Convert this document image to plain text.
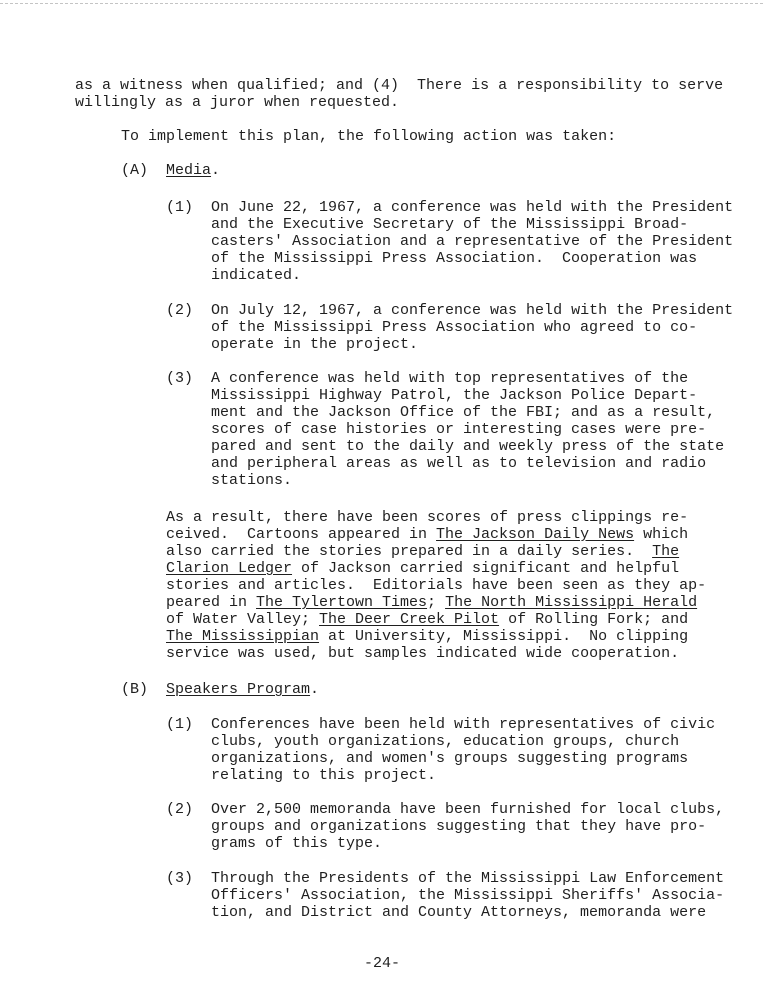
as a witness when qualified; and (4)  There is a responsibility to serve
willingly as a juror when requested.
To implement this plan, the following action was taken:
(A)  Media.
(1)  On June 22, 1967, a conference was held with the President
and the Executive Secretary of the Mississippi Broad-
casters' Association and a representative of the President
of the Mississippi Press Association.  Cooperation was
indicated.
(2)  On July 12, 1967, a conference was held with the President
of the Mississippi Press Association who agreed to co-
operate in the project.
(3)  A conference was held with top representatives of the
Mississippi Highway Patrol, the Jackson Police Depart-
ment and the Jackson Office of the FBI; and as a result,
scores of case histories or interesting cases were pre-
pared and sent to the daily and weekly press of the state
and peripheral areas as well as to television and radio
stations.
As a result, there have been scores of press clippings re-
ceived.  Cartoons appeared in The Jackson Daily News which
also carried the stories prepared in a daily series.  The
Clarion Ledger of Jackson carried significant and helpful
stories and articles.  Editorials have been seen as they ap-
peared in The Tylertown Times; The North Mississippi Herald
of Water Valley; The Deer Creek Pilot of Rolling Fork; and
The Mississippian at University, Mississippi.  No clipping
service was used, but samples indicated wide cooperation.
(B)  Speakers Program.
(1)  Conferences have been held with representatives of civic
clubs, youth organizations, education groups, church
organizations, and women's groups suggesting programs
relating to this project.
(2)  Over 2,500 memoranda have been furnished for local clubs,
groups and organizations suggesting that they have pro-
grams of this type.
(3)  Through the Presidents of the Mississippi Law Enforcement
Officers' Association, the Mississippi Sheriffs' Associa-
tion, and District and County Attorneys, memoranda were
-24-
